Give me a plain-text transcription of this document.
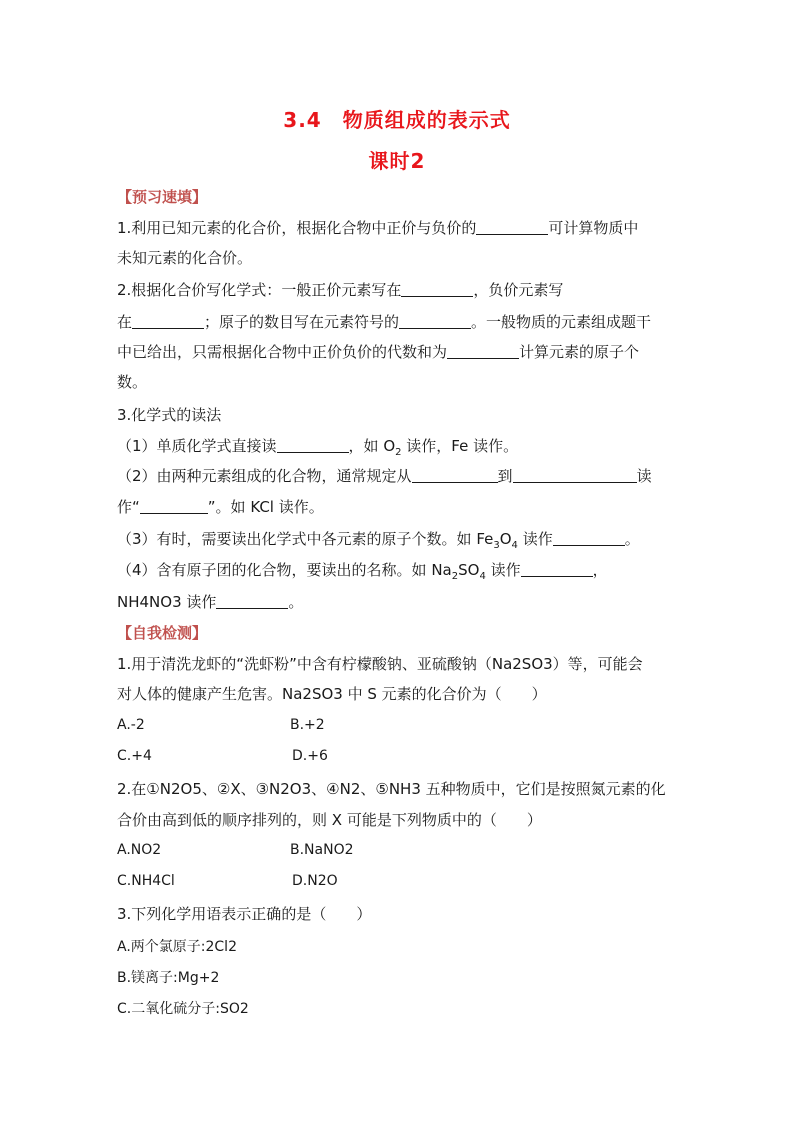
3.4　物质组成的表示式
课时2
【预习速填】
1.利用已知元素的化合价，根据化合物中正价与负价的	可计算物质中
未知元素的化合价。
2.根据化合价写化学式：一般正价元素写在	，负价元素写
在	；原子的数目写在元素符号的	。一般物质的元素组成题干
中已给出，只需根据化合物中正价负价的代数和为	计算元素的原子个
数。
3.化学式的读法
（1）单质化学式直接读	，如 $O_2$ 读作，Fe 读作。
（2）由两种元素组成的化合物，通常规定从	到	读
作“	”。如 KCl 读作。
（3）有时，需要读出化学式中各元素的原子个数。如 $Fe_3O_4$ 读作	。
（4）含有原子团的化合物，要读出的名称。如 $Na_2SO_4$ 读作	，
NH4NO3 读作	。
【自我检测】
1.用于清洗龙虾的“洗虾粉”中含有柠檬酸钠、亚硫酸钠（Na2SO3）等，可能会
对人体的健康产生危害。Na2SO3 中 S 元素的化合价为（　　）
A.-2	B.+2
C.+4	D.+6
2.在①N2O5、②X、③N2O3、④N2、⑤NH3 五种物质中，它们是按照氮元素的化
合价由高到低的顺序排列的，则 X 可能是下列物质中的（　　）
A.NO2	B.NaNO2
C.NH4Cl	D.N2O
3.下列化学用语表示正确的是（　　）
A.两个氯原子:2Cl2
B.镁离子:Mg+2
C.二氧化硫分子:SO2
